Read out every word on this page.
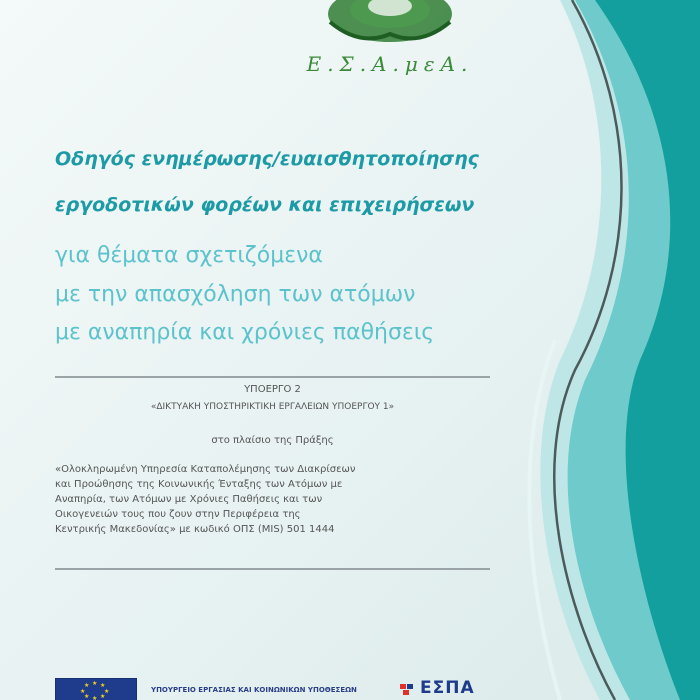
Ε.Σ.Α.μεΑ.
Οδηγός ενημέρωσης/ευαισθητοποίησης
εργοδοτικών φορέων και επιχειρήσεων
για θέματα σχετιζόμενα
με την απασχόληση των ατόμων
με αναπηρία και χρόνιες παθήσεις
ΥΠΟΕΡΓΟ 2
«ΔΙΚΤΥΑΚΗ ΥΠΟΣΤΗΡΙΚΤΙΚΗ ΕΡΓΑΛΕΙΩΝ ΥΠΟΕΡΓΟΥ 1»
στο πλαίσιο της Πράξης
«Ολοκληρωμένη Υπηρεσία Καταπολέμησης των Διακρίσεων
και Προώθησης της Κοινωνικής Ένταξης των Ατόμων με
Αναπηρία, των Ατόμων με Χρόνιες Παθήσεις και των
Οικογενειών τους που ζουν στην Περιφέρεια της
Κεντρικής Μακεδονίας» με κωδικό ΟΠΣ (MIS) 501 1444
★ ★
★
★
★
★
★
★
ΥΠΟΥΡΓΕΙΟ ΕΡΓΑΣΙΑΣ ΚΑΙ ΚΟΙΝΩΝΙΚΩΝ ΥΠΟΘΕΣΕΩΝ	ΕΣΠΑ
